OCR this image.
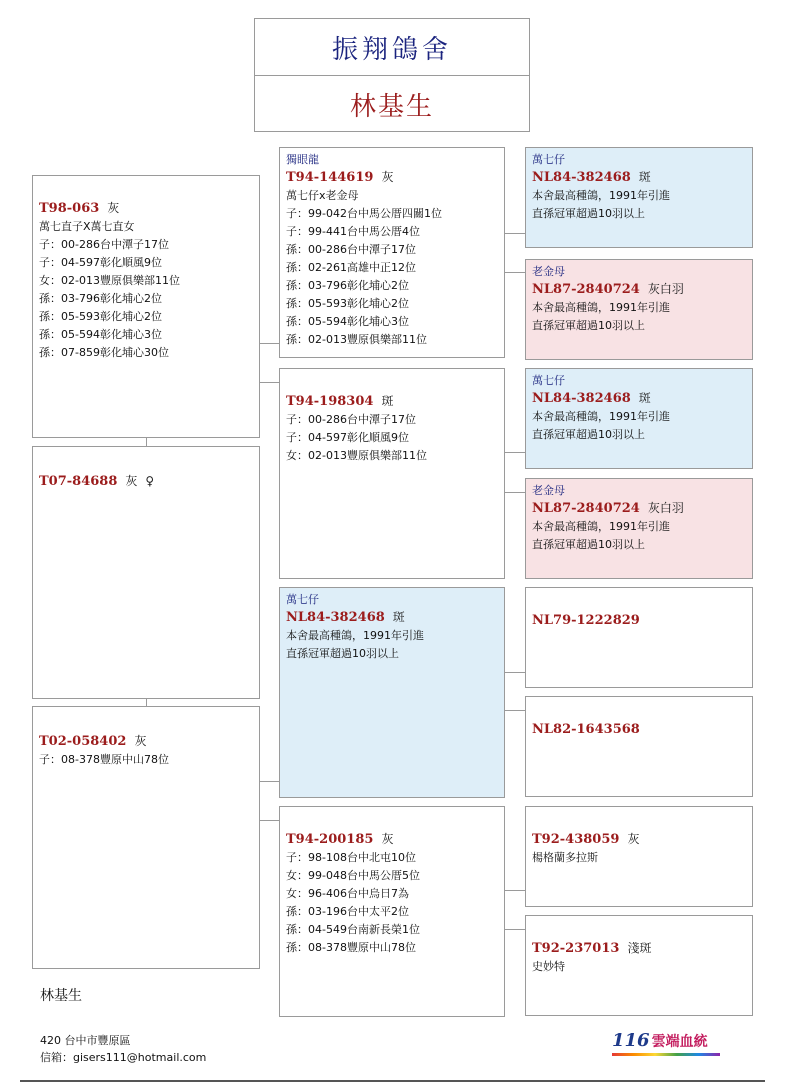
振翔鴿舍
林基生
T98-063 灰
萬七直子X萬七直女
子：00-286台中潭子17位
子：04-597彰化順風9位
女：02-013豐原俱樂部11位
孫：03-796彰化埔心2位
孫：05-593彰化埔心2位
孫：05-594彰化埔心3位
孫：07-859彰化埔心30位
T07-84688 灰 ♀
T02-058402 灰
子：08-378豐原中山78位
獨眼龍
T94-144619 灰
萬七仔x老金母
子：99-042台中馬公厝四關1位
子：99-441台中馬公厝4位
孫：00-286台中潭子17位
孫：02-261高雄中正12位
孫：03-796彰化埔心2位
孫：05-593彰化埔心2位
孫：05-594彰化埔心3位
孫：02-013豐原俱樂部11位
T94-198304 斑
子：00-286台中潭子17位
子：04-597彰化順風9位
女：02-013豐原俱樂部11位
萬七仔
NL84-382468 斑
本舍最高種鴿，1991年引進
直孫冠軍超過10羽以上
T94-200185 灰
子：98-108台中北屯10位
女：99-048台中馬公厝5位
女：96-406台中烏日7為
孫：03-196台中太平2位
孫：04-549台南新長榮1位
孫：08-378豐原中山78位
萬七仔
NL84-382468 斑
本舍最高種鴿，1991年引進
直孫冠軍超過10羽以上
老金母
NL87-2840724 灰白羽
本舍最高種鴿，1991年引進
直孫冠軍超過10羽以上
萬七仔
NL84-382468 斑
本舍最高種鴿，1991年引進
直孫冠軍超過10羽以上
老金母
NL87-2840724 灰白羽
本舍最高種鴿，1991年引進
直孫冠軍超過10羽以上
NL79-1222829
NL82-1643568
T92-438059 灰
楊格蘭多拉斯
T92-237013 淺斑
史妙特
林基生
420 台中市豐原區
信箱：gisers111@hotmail.com
116 雲端血統
